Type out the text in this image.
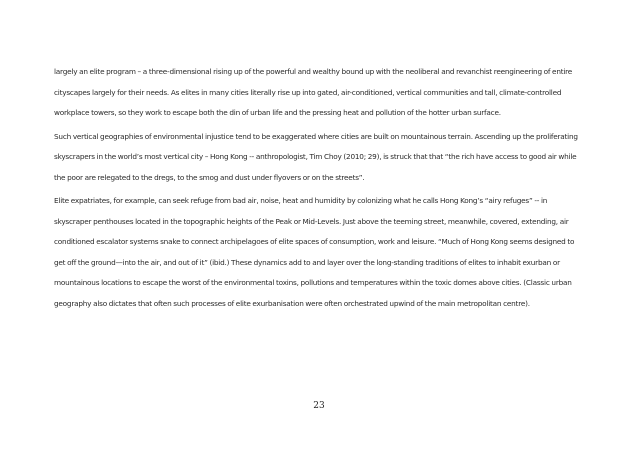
largely an elite program – a three-dimensional rising up of the powerful and wealthy bound up with the neoliberal and revanchist reengineering of entire cityscapes largely for their needs. As elites in many cities literally rise up into gated, air-conditioned, vertical communities and tall, climate-controlled workplace towers, so they work to escape both the din of urban life and the pressing heat and pollution of the hotter urban surface.

Such vertical geographies of environmental injustice tend to be exaggerated where cities are built on mountainous terrain. Ascending up the proliferating skyscrapers in the world’s most vertical city – Hong Kong -- anthropologist, Tim Choy (2010; 29), is struck that that “the rich have access to good air while the poor are relegated to the dregs, to the smog and dust under flyovers or on the streets”.

Elite expatriates, for example, can seek refuge from bad air, noise, heat and humidity by colonizing what he calls Hong Kong’s “airy refuges” -- in skyscraper penthouses located in the topographic heights of the Peak or Mid-Levels. Just above the teeming street, meanwhile, covered, extending, air conditioned escalator systems snake to connect archipelagoes of elite spaces of consumption, work and leisure. “Much of Hong Kong seems designed to get off the ground—into the air, and out of it” (ibid.) These dynamics add to and layer over the long-standing traditions of elites to inhabit exurban or mountainous locations to escape the worst of the environmental toxins, pollutions and temperatures within the toxic domes above cities. (Classic urban geography also dictates that often such processes of elite exurbanisation were often orchestrated upwind of the main metropolitan centre).

23
